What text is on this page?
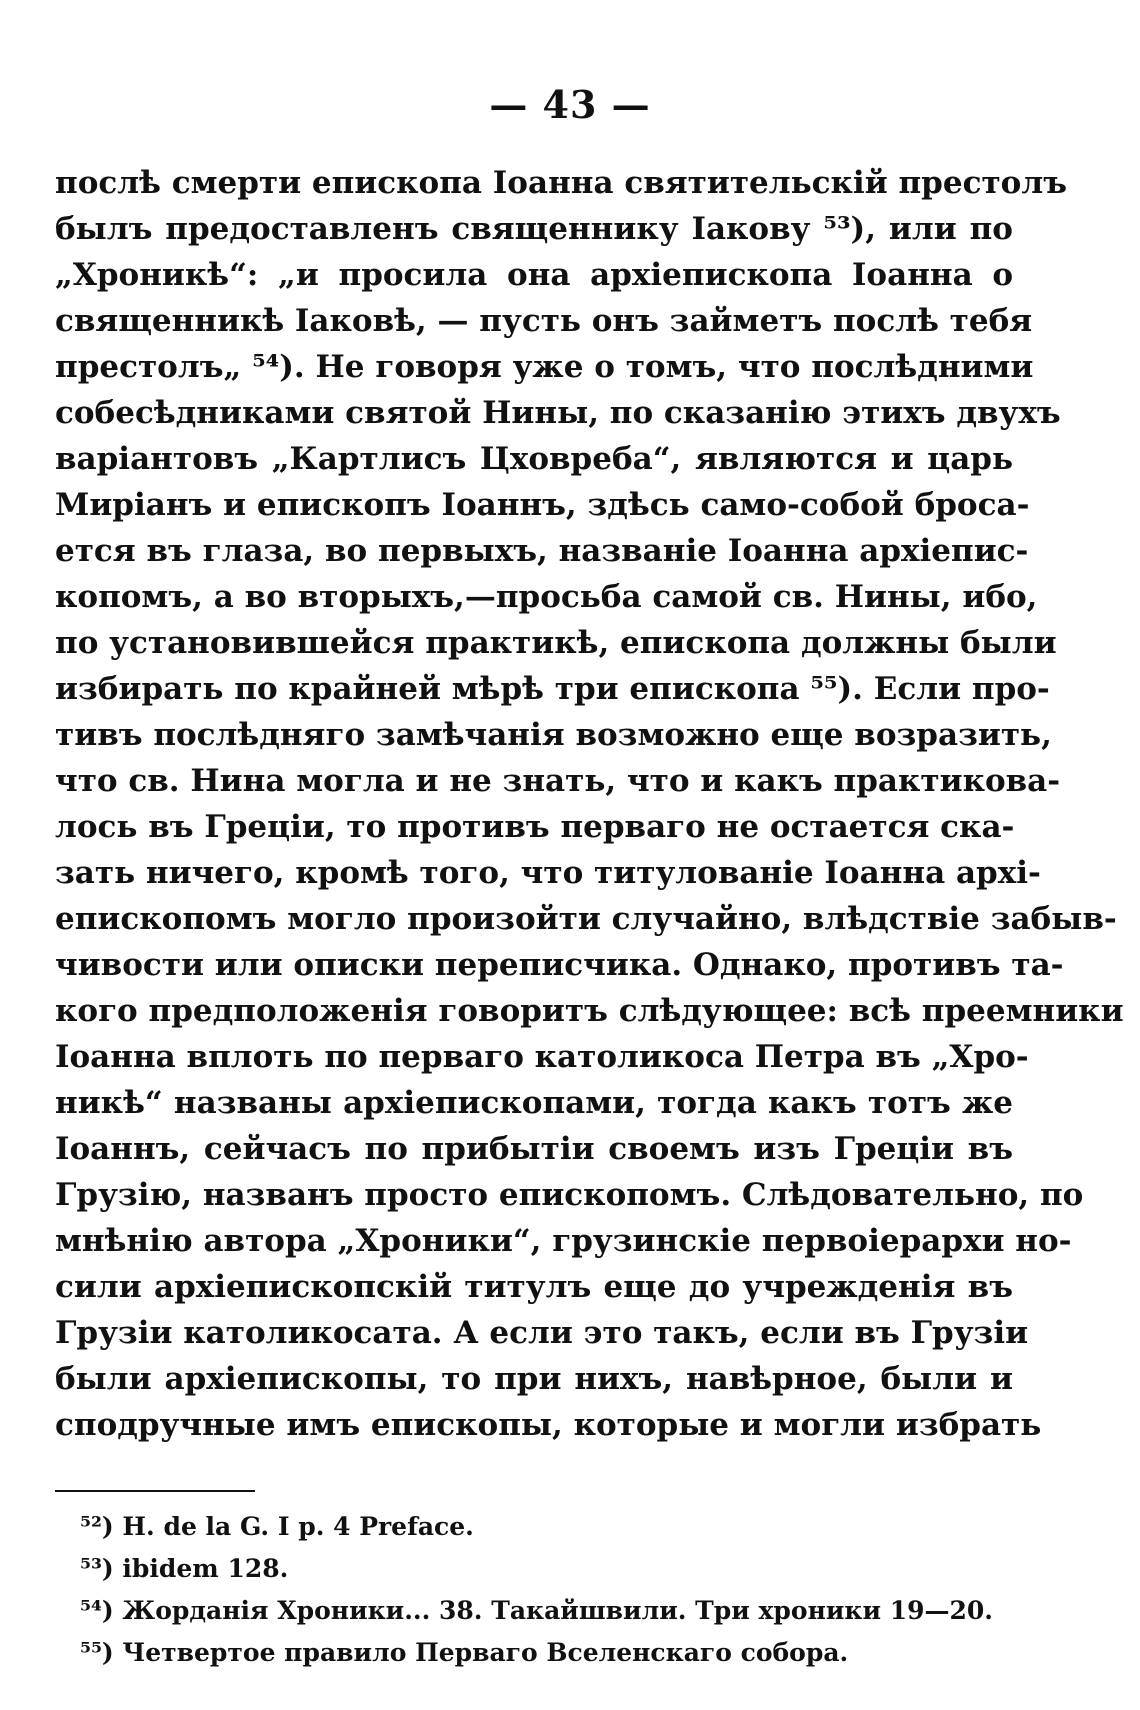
— 43 —
послѣ смерти епископа Іоанна святительскій престолъ
былъ предоставленъ священнику Іакову ⁵³), или по
„Хроникѣ“: „и просила она архіепископа Іоанна о
священникѣ Іаковѣ, — пусть онъ займетъ послѣ тебя
престолъ„ ⁵⁴). Не говоря уже о томъ, что послѣдними
собесѣдниками святой Нины, по сказанію этихъ двухъ
варіантовъ „Картлисъ Цховреба“, являются и царь
Миріанъ и епископъ Іоаннъ, здѣсь само-собой броса-
ется въ глаза, во первыхъ, названіе Іоанна архіепис-
копомъ, а во вторыхъ,—просьба самой св. Нины, ибо,
по установившейся практикѣ, епископа должны были
избирать по крайней мѣрѣ три епископа ⁵⁵). Если про-
тивъ послѣдняго замѣчанія возможно еще возразить,
что св. Нина могла и не знать, что и какъ практикова-
лось въ Греціи, то противъ перваго не остается ска-
зать ничего, кромѣ того, что титулованіе Іоанна архі-
епископомъ могло произойти случайно, влѣдствіе забыв-
чивости или описки переписчика. Однако, противъ та-
кого предположенія говоритъ слѣдующее: всѣ преемники
Іоанна вплоть по перваго католикоса Петра въ „Хро-
никѣ“ названы архіепископами, тогда какъ тотъ же
Іоаннъ, сейчасъ по прибытіи своемъ изъ Греціи въ
Грузію, названъ просто епископомъ. Слѣдовательно, по
мнѣнію автора „Хроники“, грузинскіе первоіерархи но-
сили архіепископскій титулъ еще до учрежденія въ
Грузіи католикосата. А если это такъ, если въ Грузіи
были архіепископы, то при нихъ, навѣрное, были и
сподручные имъ епископы, которые и могли избрать
⁵²) H. de la G. I p. 4 Preface.
⁵³) ibidem 128.
⁵⁴) Жорданія Хроники... 38. Такайшвили. Три хроники 19—20.
⁵⁵) Четвертое правило Перваго Вселенскаго собора.
